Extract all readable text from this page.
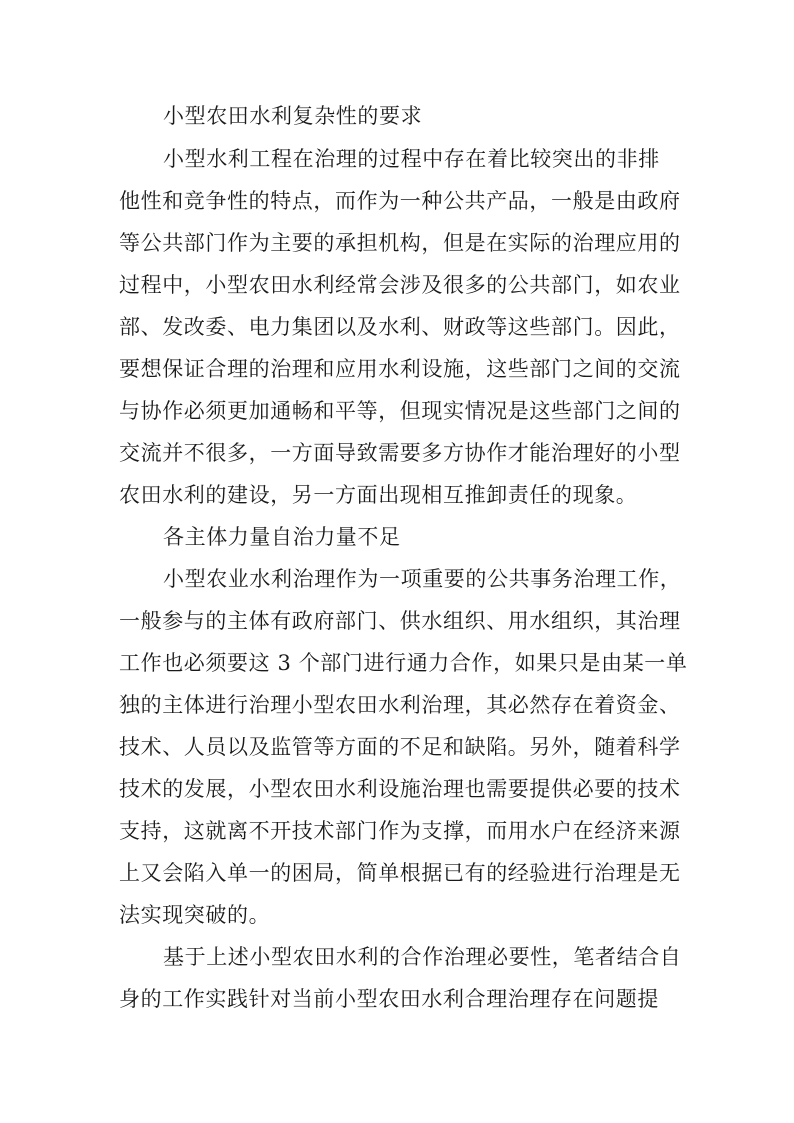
小型农田水利复杂性的要求

小型水利工程在治理的过程中存在着比较突出的非排

他性和竞争性的特点，而作为一种公共产品，一般是由政府

等公共部门作为主要的承担机构，但是在实际的治理应用的

过程中，小型农田水利经常会涉及很多的公共部门，如农业

部、发改委、电力集团以及水利、财政等这些部门。因此，

要想保证合理的治理和应用水利设施，这些部门之间的交流

与协作必须更加通畅和平等，但现实情况是这些部门之间的

交流并不很多，一方面导致需要多方协作才能治理好的小型

农田水利的建设，另一方面出现相互推卸责任的现象。

各主体力量自治力量不足

小型农业水利治理作为一项重要的公共事务治理工作，

一般参与的主体有政府部门、供水组织、用水组织，其治理

工作也必须要这 3 个部门进行通力合作，如果只是由某一单

独的主体进行治理小型农田水利治理，其必然存在着资金、

技术、人员以及监管等方面的不足和缺陷。另外，随着科学

技术的发展，小型农田水利设施治理也需要提供必要的技术

支持，这就离不开技术部门作为支撑，而用水户在经济来源

上又会陷入单一的困局，简单根据已有的经验进行治理是无

法实现突破的。

基于上述小型农田水利的合作治理必要性，笔者结合自

身的工作实践针对当前小型农田水利合理治理存在问题提
